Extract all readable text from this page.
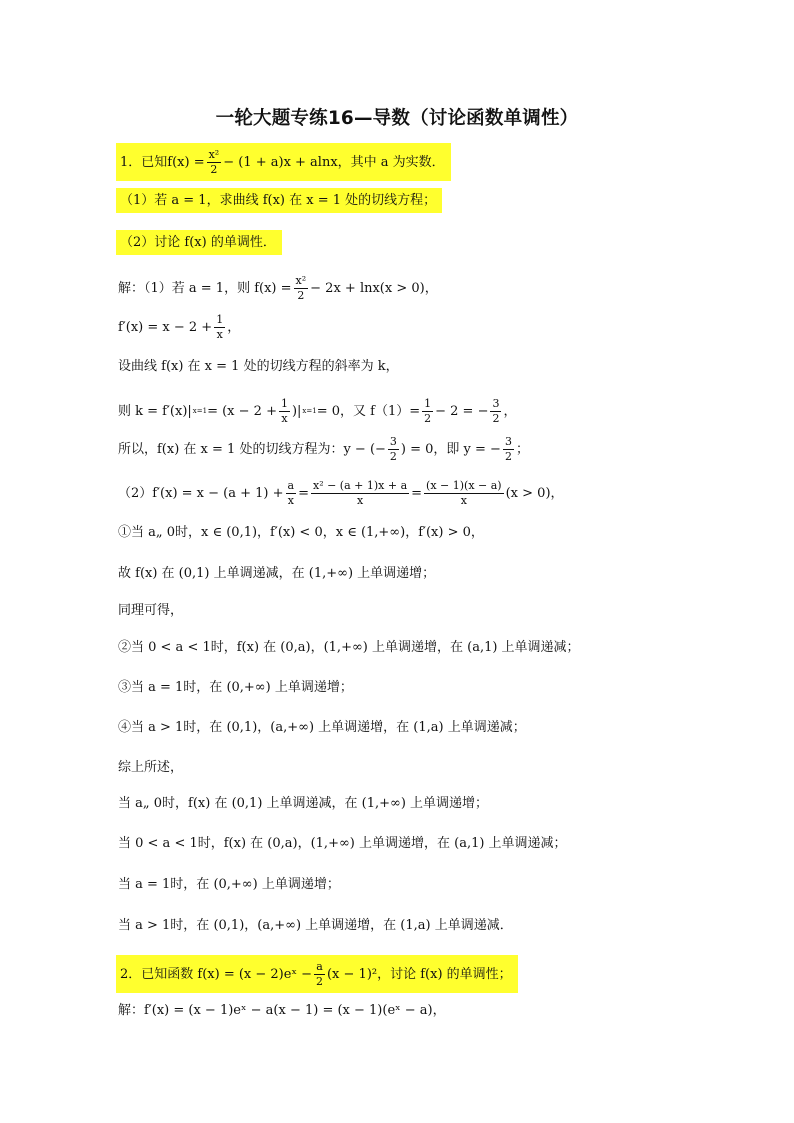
一轮大题专练16—导数（讨论函数单调性）
1．已知 $f(x) = \frac{\text{x²}}{2} - (1 + a)x + alnx$ ，其中 a 为实数．
（1）若 a = 1，求曲线 f(x) 在 x = 1 处的切线方程；
（2）讨论 f(x) 的单调性．
解：（1）若 a = 1，则 $f(x) = \frac{\text{x²}}{2} - 2x + \ln x(x > 0)$，
$f'(x) = x - 2 + \frac{1}{x}$ ，
设曲线 f(x) 在 x = 1 处的切线方程的斜率为 k，
则 k = f′(x)| $x=1 = (x - 2 + \frac{1}{x}$ )| x=1 = 0，又 $f(1)= \frac{1}{2} - 2$ = − $\frac{3}{2}$ ，
所以，f(x) 在 x = 1 处的切线方程为：y − (− $\frac{3}{2}$ ) = 0，即 y = − $\frac{3}{2}$ ；
$(2)f'(x) = x - (a + 1) + \frac{a}{x} = \frac{\text{x² − (a + 1)x + a}}{x} = \frac{(x - 1)(x - a)}{x} (x > 0)$，
①当 a„ 0时，x ∈ (0,1)，f′(x) < 0，x ∈ (1,+∞)，f′(x) > 0，
故 f(x) 在 (0,1) 上单调递减，在 (1,+∞) 上单调递增；
同理可得，
②当 0 < a < 1时，f(x) 在 (0,a)，(1,+∞) 上单调递增，在 (a,1) 上单调递减；
③当 a = 1时，在 (0,+∞) 上单调递增；
④当 a > 1时，在 (0,1)，(a,+∞) 上单调递增，在 (1,a) 上单调递减；
综上所述，
当 a„ 0时，f(x) 在 (0,1) 上单调递减，在 (1,+∞) 上单调递增；
当 0 < a < 1时，f(x) 在 (0,a)，(1,+∞) 上单调递增，在 (a,1) 上单调递减；
当 a = 1时，在 (0,+∞) 上单调递增；
当 a > 1时，在 (0,1)，(a,+∞) 上单调递增，在 (1,a) 上单调递减．
2．已知函数 f(x) = (x − 2)eˣ − $\frac{a}{2} (x - 1)^2$，讨论 f(x) 的单调性；
解：f′(x) = (x − 1)eˣ − a(x − 1) = (x − 1)(eˣ − a)，
